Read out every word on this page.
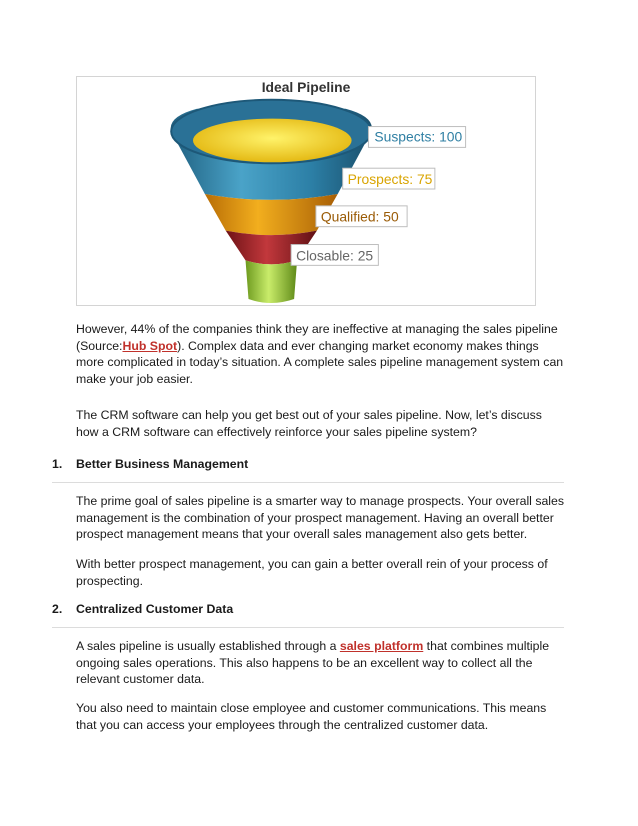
Ideal Pipeline
Suspects: 100
Prospects: 75
Qualified: 50
Closable: 25

However, 44% of the companies think they are ineffective at managing the sales pipeline (Source:Hub Spot). Complex data and ever changing market economy makes things more complicated in today’s situation. A complete sales pipeline management system can make your job easier.

The CRM software can help you get best out of your sales pipeline. Now, let’s discuss how a CRM software can effectively reinforce your sales pipeline system?

1. Better Business Management

The prime goal of sales pipeline is a smarter way to manage prospects. Your overall sales management is the combination of your prospect management. Having an overall better prospect management means that your overall sales management also gets better.

With better prospect management, you can gain a better overall rein of your process of prospecting.

2. Centralized Customer Data

A sales pipeline is usually established through a sales platform that combines multiple ongoing sales operations. This also happens to be an excellent way to collect all the relevant customer data.

You also need to maintain close employee and customer communications. This means that you can access your employees through the centralized customer data.
